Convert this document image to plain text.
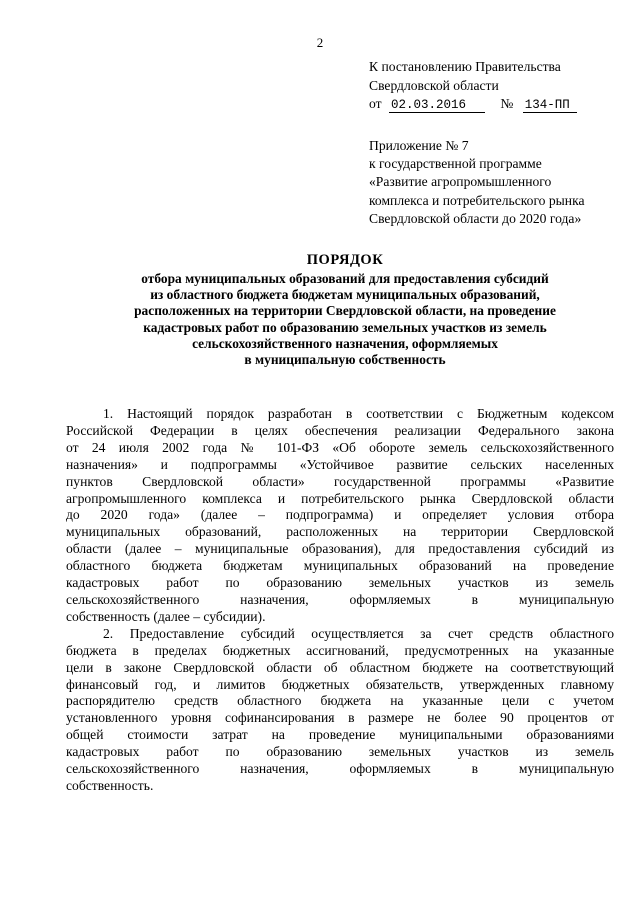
2
К постановлению Правительства
Свердловской области
от 02.03.2016	№ 134-ПП
Приложение № 7
к государственной программе
«Развитие агропромышленного
комплекса и потребительского рынка
Свердловской области до 2020 года»
ПОРЯДОК
отбора муниципальных образований для предоставления субсидий
из областного бюджета бюджетам муниципальных образований,
расположенных на территории Свердловской области, на проведение
кадастровых работ по образованию земельных участков из земель
сельскохозяйственного назначения, оформляемых
в муниципальную собственность
1. Настоящий порядок разработан в соответствии с Бюджетным кодексом
Российской Федерации в целях обеспечения реализации Федерального закона
от 24 июля 2002 года № 101-ФЗ «Об обороте земель сельскохозяйственного
назначения» и подпрограммы «Устойчивое развитие сельских населенных
пунктов Свердловской области» государственной программы «Развитие
агропромышленного комплекса и потребительского рынка Свердловской области
до 2020 года» (далее – подпрограмма) и определяет условия отбора
муниципальных образований, расположенных на территории Свердловской
области (далее – муниципальные образования), для предоставления субсидий из
областного бюджета бюджетам муниципальных образований на проведение
кадастровых работ по образованию земельных участков из земель
сельскохозяйственного назначения, оформляемых в муниципальную
собственность (далее – субсидии).
2. Предоставление субсидий осуществляется за счет средств областного
бюджета в пределах бюджетных ассигнований, предусмотренных на указанные
цели в законе Свердловской области об областном бюджете на соответствующий
финансовый год, и лимитов бюджетных обязательств, утвержденных главному
распорядителю средств областного бюджета на указанные цели с учетом
установленного уровня софинансирования в размере не более 90 процентов от
общей стоимости затрат на проведение муниципальными образованиями
кадастровых работ по образованию земельных участков из земель
сельскохозяйственного назначения, оформляемых в муниципальную
собственность.
